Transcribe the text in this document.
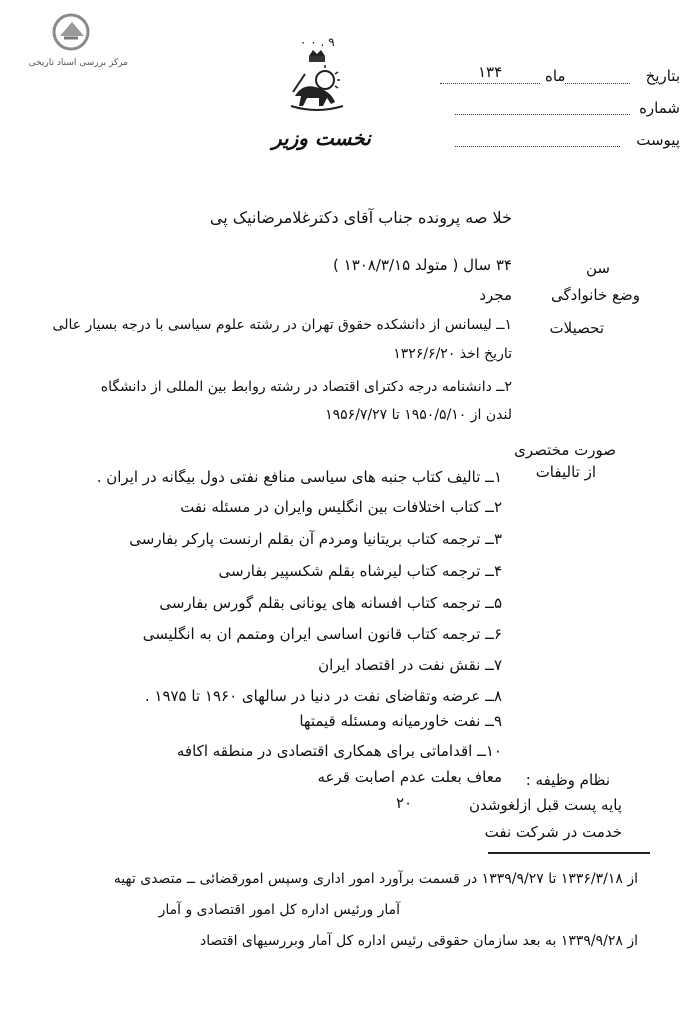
مرکز بررسی اسناد تاریخی
۹ . ۰ ۰
نخست وزیر
بتاریخ
ماه
۱۳۴
شماره
پیوست
خلا صه پرونده جناب آقای دکترغلامرضانیک پی
سن
۳۴ سال ( متولد ۱۳۰۸/۳/۱۵ )
وضع خانوادگی
مجرد
تحصیلات
۱ــ لیسانس از دانشکده حقوق تهران در رشته علوم سیاسی با درجه بسیار عالی
تاریخ اخذ ۱۳۲۶/۶/۲۰
۲ــ دانشنامه درجه دکترای اقتصاد در رشته روابط بین المللی از دانشگاه
لندن از ۱۹۵۰/۵/۱۰ تا ۱۹۵۶/۷/۲۷
صورت مختصری
از تالیفات
۱ــ تالیف کتاب جنبه های سیاسی منافع نفتی دول بیگانه در ایران .
۲ــ کتاب اختلافات بین انگلیس وایران در مسئله نفت
۳ــ ترجمه کتاب بریتانیا ومردم آن بقلم ارنست پارکر بفارسی
۴ــ ترجمه کتاب لیرشاه بقلم شکسپیر بفارسی
۵ــ ترجمه کتاب افسانه های یونانی بقلم گورس بفارسی
۶ــ ترجمه کتاب قانون اساسی ایران ومتمم ان به انگلیسی
۷ــ نقش نفت در اقتصاد ایران
۸ــ عرضه وتقاضای نفت در دنیا در سالهای ۱۹۶۰ تا ۱۹۷۵ .
۹ــ نفت خاورمیانه ومسئله قیمتها
۱۰ــ اقداماتی برای همکاری اقتصادی در منطقه اکافه
نظام وظیفه :
معاف بعلت عدم اصابت قرعه
پایه پست قبل ازلغوشدن
۲۰
خدمت در شرکت نفت
از ۱۳۳۶/۳/۱۸ تا ۱۳۳۹/۹/۲۷ در قسمت برآورد امور اداری وسپس امورقضائی ــ متصدی تهیه
آمار ورئیس اداره کل امور اقتصادی و آمار
از ۱۳۳۹/۹/۲۸ به بعد سازمان حقوقی رئیس اداره کل آمار وبررسیهای اقتصاد
